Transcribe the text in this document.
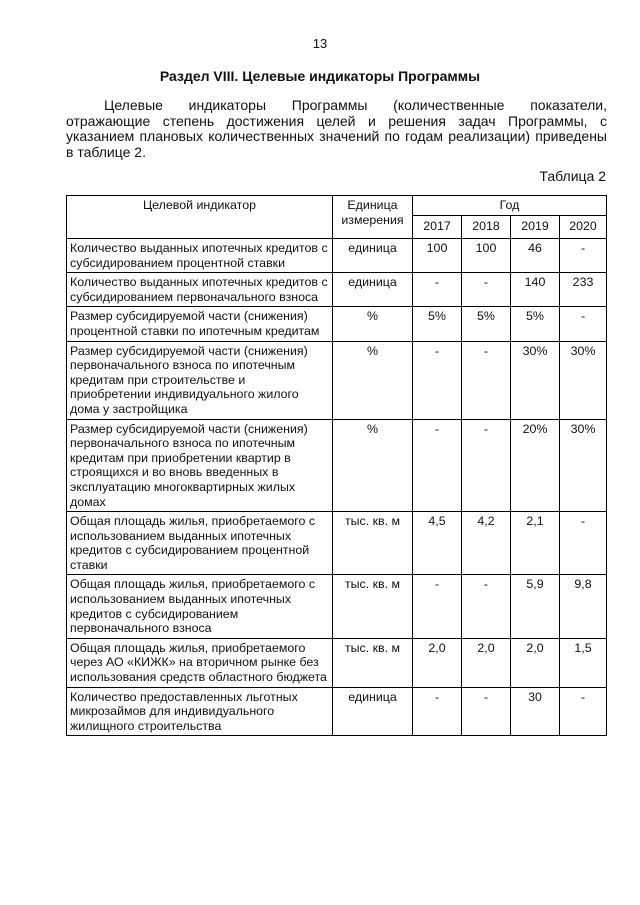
13
Раздел VIII. Целевые индикаторы Программы

Целевые индикаторы Программы (количественные показатели, отражающие степень достижения целей и решения задач Программы, с указанием плановых количественных значений по годам реализации) приведены в таблице 2.

Таблица 2
Целевой индикатор	Единица измерения	Год			
		2017	2018	2019	2020
Количество выданных ипотечных кредитов с субсидированием процентной ставки	единица	100	100	46	-
Количество выданных ипотечных кредитов с субсидированием первоначального взноса	единица	-	-	140	233
Размер субсидируемой части (снижения) процентной ставки по ипотечным кредитам	%	5%	5%	5%	-
Размер субсидируемой части (снижения) первоначального взноса по ипотечным кредитам при строительстве и приобретении индивидуального жилого дома у застройщика	%	-	-	30%	30%
Размер субсидируемой части (снижения) первоначального взноса по ипотечным кредитам при приобретении квартир в строящихся и во вновь введенных в эксплуатацию многоквартирных жилых домах	%	-	-	20%	30%
Общая площадь жилья, приобретаемого с использованием выданных ипотечных кредитов с субсидированием процентной ставки	тыс. кв. м	4,5	4,2	2,1	-
Общая площадь жилья, приобретаемого с использованием выданных ипотечных кредитов с субсидированием первоначального взноса	тыс. кв. м	-	-	5,9	9,8
Общая площадь жилья, приобретаемого через АО «КИЖК» на вторичном рынке без использования средств областного бюджета	тыс. кв. м	2,0	2,0	2,0	1,5
Количество предоставленных льготных микрозаймов для индивидуального жилищного строительства	единица	-	-	30	-
